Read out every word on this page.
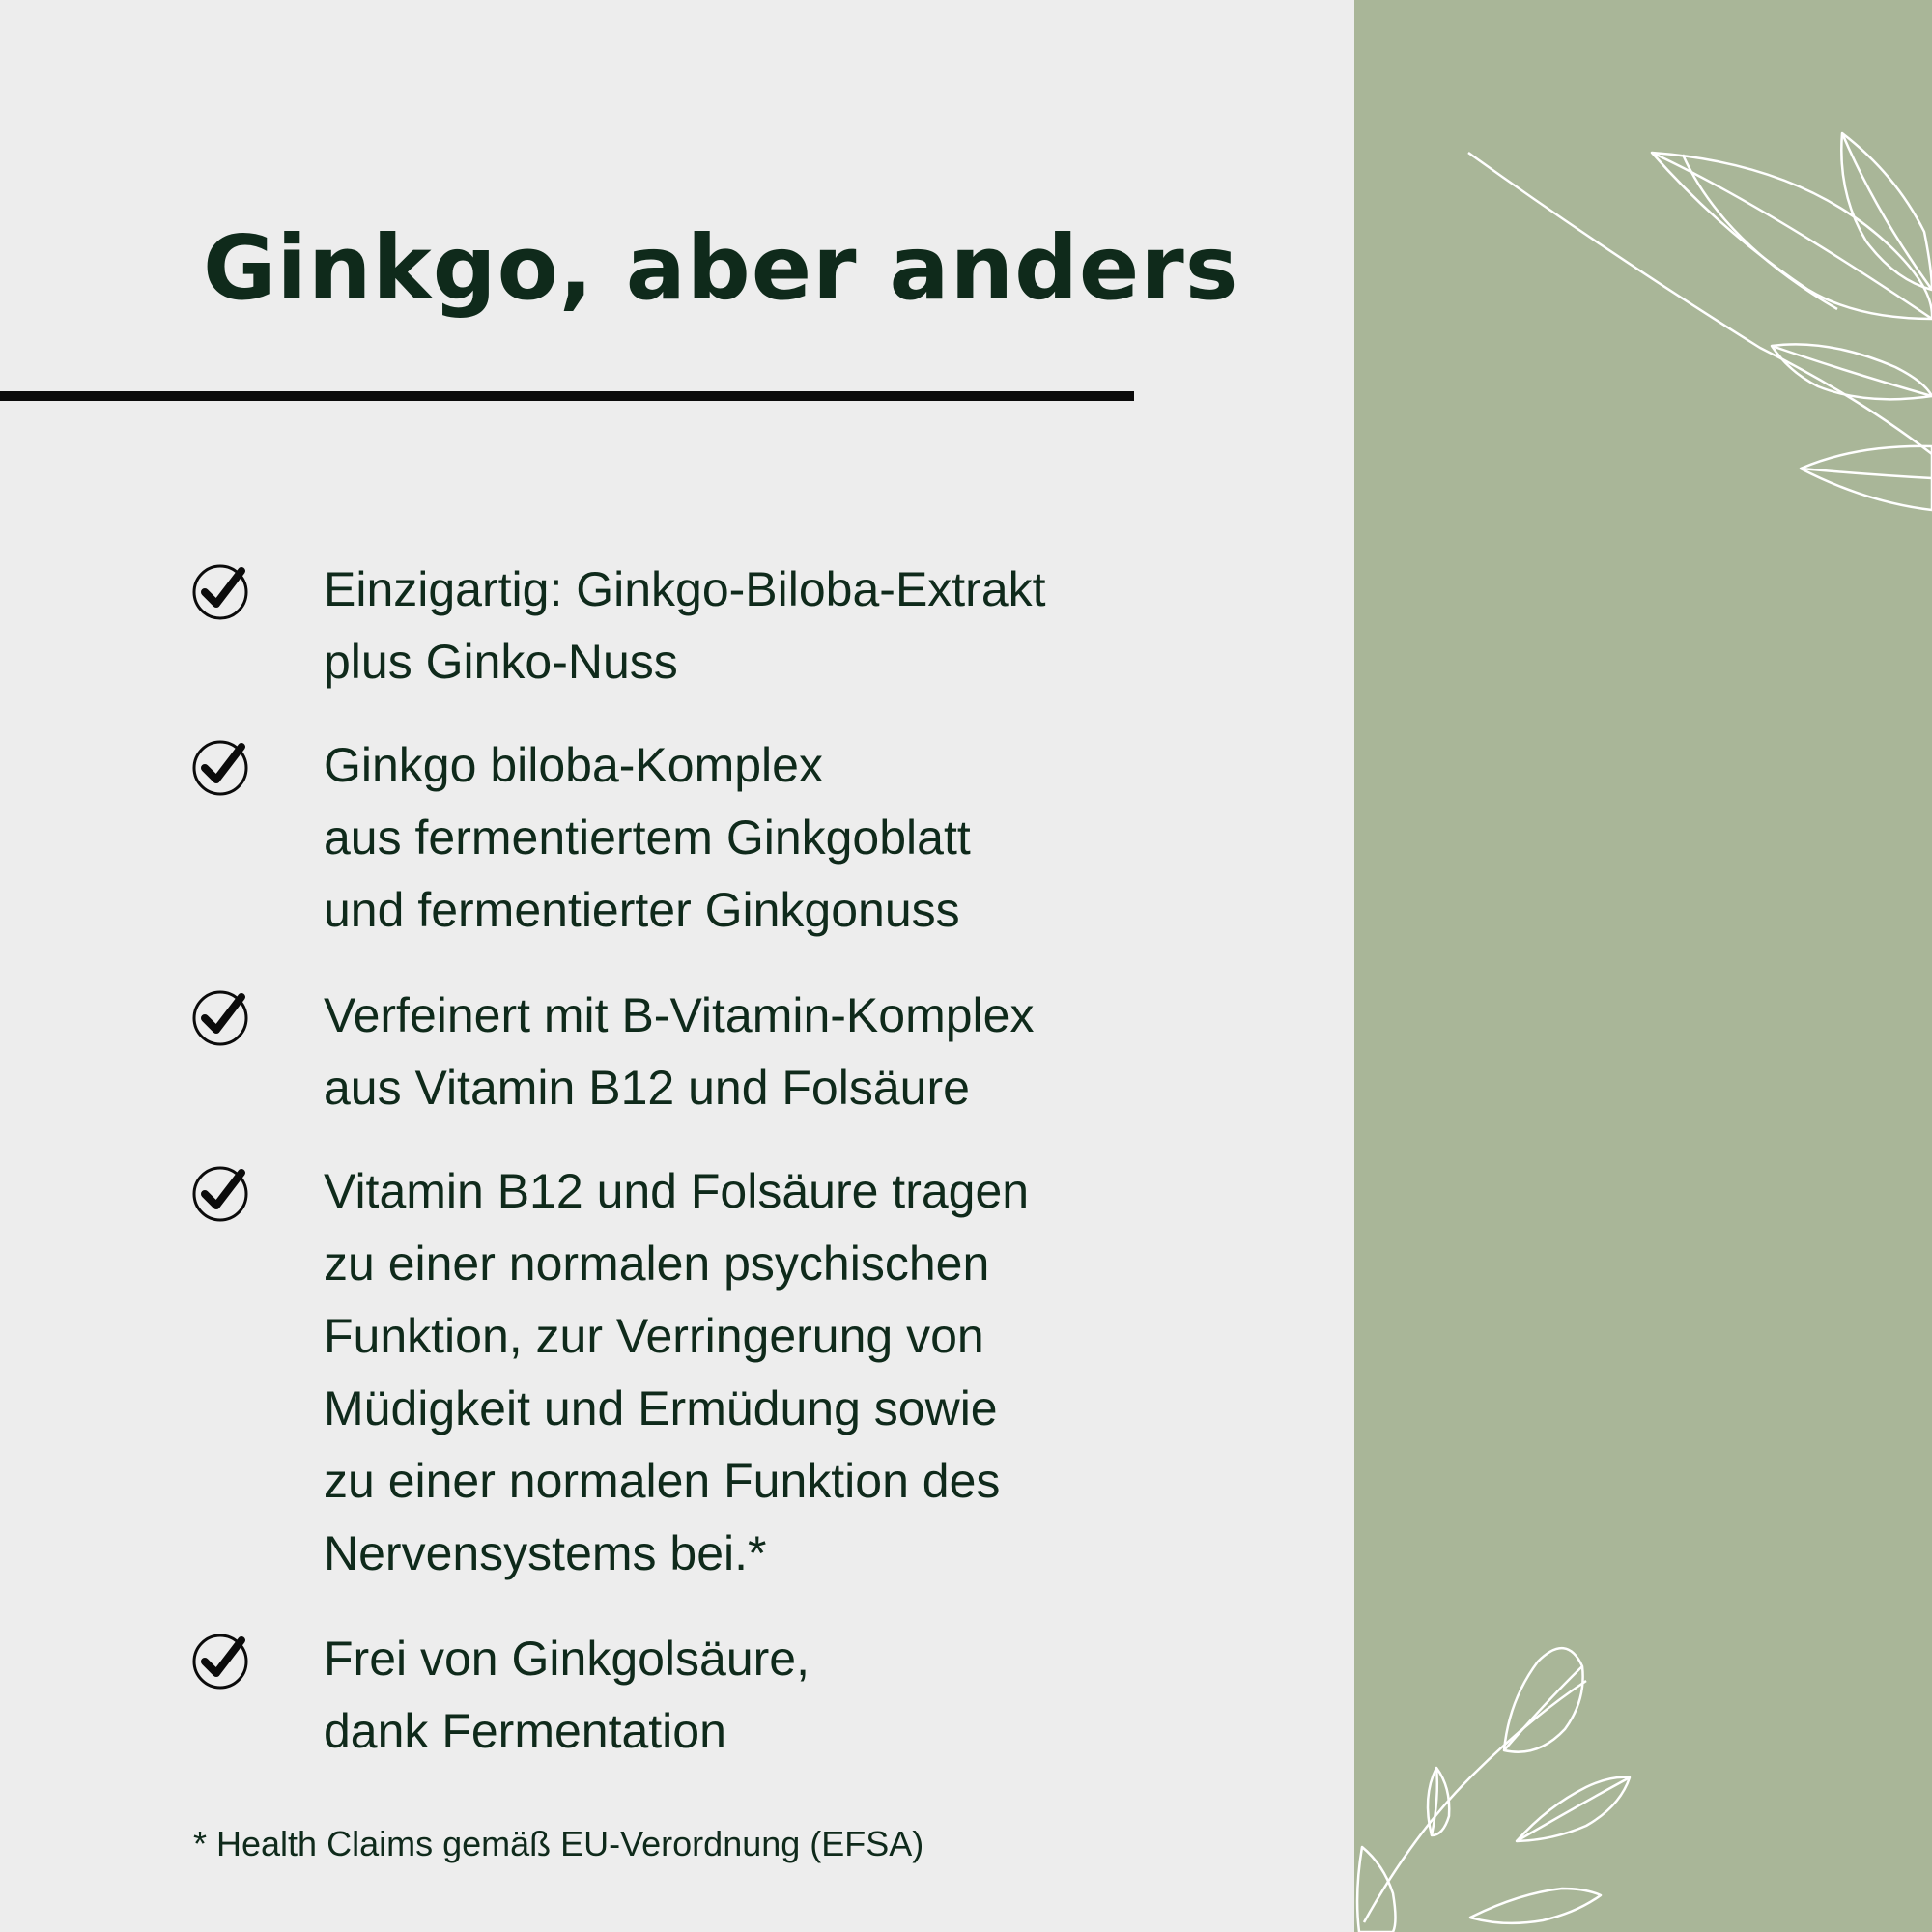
Ginkgo, aber anders
Einzigartig: Ginkgo-Biloba-Extrakt
plus Ginko-Nuss
Ginkgo biloba-Komplex
aus fermentiertem Ginkgoblatt
und fermentierter Ginkgonuss
Verfeinert mit B-Vitamin-Komplex
aus Vitamin B12 und Folsäure
Vitamin B12 und Folsäure tragen
zu einer normalen psychischen
Funktion, zur Verringerung von
Müdigkeit und Ermüdung sowie
zu einer normalen Funktion des
Nervensystems bei.*
Frei von Ginkgolsäure,
dank Fermentation
* Health Claims gemäß EU-Verordnung (EFSA)
